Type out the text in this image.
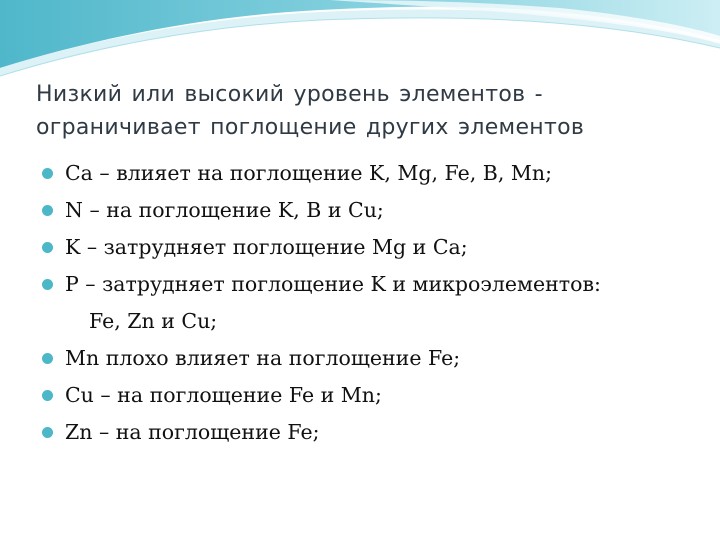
Низкий или высокий уровень элементов -
ограничивает поглощение других элементов
Ca – влияет на поглощение K, Mg, Fe, B, Mn;
N – на поглощение K, B и Cu;
K – затрудняет поглощение Mg и Ca;
P – затрудняет поглощение K и микроэлементов:
Fe, Zn и Cu;
Mn плохо влияет на поглощение Fe;
Cu – на поглощение Fe и Mn;
Zn – на поглощение Fe;
